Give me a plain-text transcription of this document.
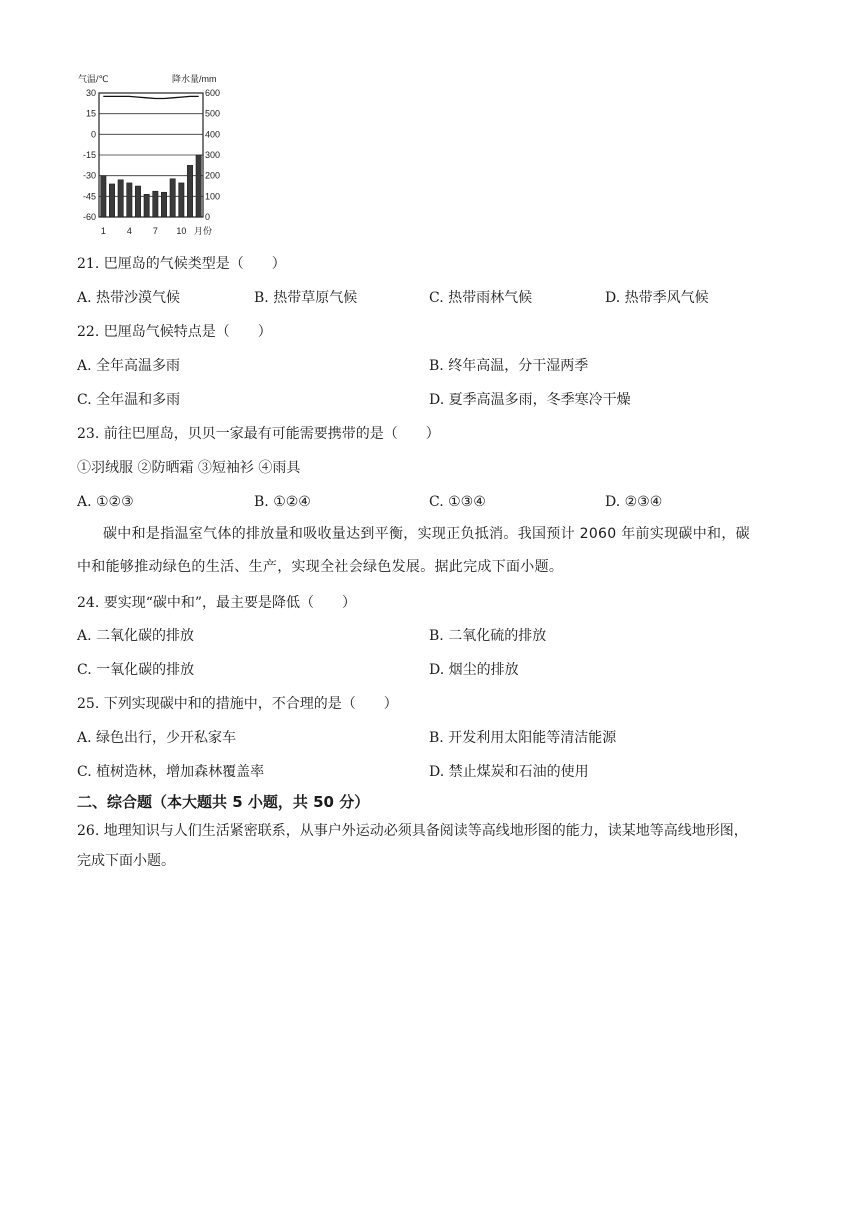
气温/℃	降水量/mm
30
15
0
-15
-30
-45
-60
600
500
400
300
200
100
0
1 4 7 10 月份
21. 巴厘岛的气候类型是（　　）
A. 热带沙漠气候	B. 热带草原气候	C. 热带雨林气候	D. 热带季风气候
22. 巴厘岛气候特点是（　　）
A. 全年高温多雨	B. 终年高温，分干湿两季
C. 全年温和多雨	D. 夏季高温多雨，冬季寒冷干燥
23. 前往巴厘岛，贝贝一家最有可能需要携带的是（　　）
①羽绒服 ②防晒霜 ③短袖衫 ④雨具
A. ①②③	B. ①②④	C. ①③④	D. ②③④
碳中和是指温室气体的排放量和吸收量达到平衡，实现正负抵消。我国预计 2060 年前实现碳中和，碳
中和能够推动绿色的生活、生产，实现全社会绿色发展。据此完成下面小题。
24. 要实现“碳中和”，最主要是降低（　　）
A. 二氧化碳的排放	B. 二氧化硫的排放
C. 一氧化碳的排放	D. 烟尘的排放
25. 下列实现碳中和的措施中，不合理的是（　　）
A. 绿色出行，少开私家车	B. 开发利用太阳能等清洁能源
C. 植树造林，增加森林覆盖率	D. 禁止煤炭和石油的使用
二、综合题（本大题共 5 小题，共 50 分）
26. 地理知识与人们生活紧密联系，从事户外运动必须具备阅读等高线地形图的能力，读某地等高线地形图，
完成下面小题。
